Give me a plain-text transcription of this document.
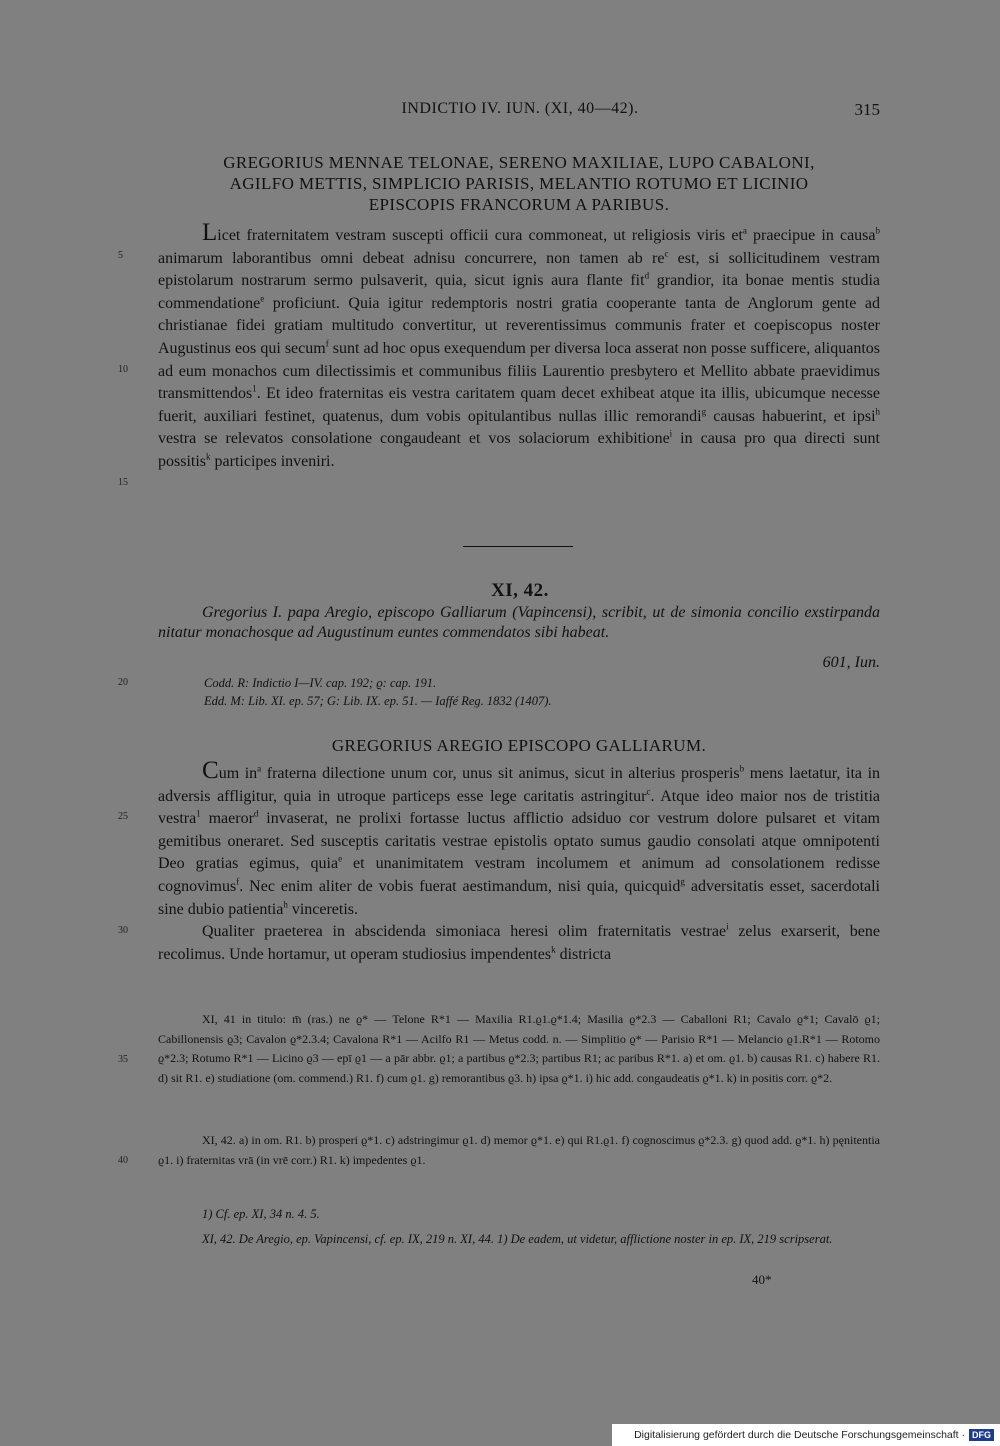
INDICTIO IV. IUN. (XI, 40—42).	315
5
10
15
20
25
30
35
40
GREGORIUS MENNAE TELONAE, SERENO MAXILIAE, LUPO CABALONI,
AGILFO METTIS, SIMPLICIO PARISIS, MELANTIO ROTUMO ET LICINIO
EPISCOPIS FRANCORUM A PARIBUS.

Licet fraternitatem vestram suscepti officii cura commoneat, ut religiosis viris $et^a$ praecipue in causa$^b$ animarum laborantibus omni debeat adnisu concurrere, non tamen ab $re^c$ est, si sollicitudinem vestram epistolarum nostrarum sermo pulsaverit, quia, sicut ignis aura flante fit$^d$ grandior, ita bonae mentis studia commendatione$^e$ proficiunt. Quia igitur redemptoris nostri gratia cooperante tanta de Anglorum gente ad christianae fidei gratiam multitudo convertitur, ut reverentissimus communis frater et coepiscopus noster Augustinus eos qui secum$^f$ sunt ad hoc opus exequendum per diversa loca asserat non posse sufficere, aliquantos ad eum monachos cum dilectissimis et communibus filiis Laurentio presbytero et Mellito abbate praevidimus transmittendos$^1$. Et ideo fraternitas eis vestra caritatem quam decet exhibeat atque ita illis, ubicumque necesse fuerit, auxiliari festinet, quatenus, dum vobis opitulantibus nullas illic remorandi$^g$ causas habuerint, et ipsi$^h$ vestra se relevatos consolatione congaudeant et vos solaciorum exhibitione$^i$ in causa pro qua directi sunt possitis$^k$ participes inveniri.

XI, 42.

Gregorius I. papa Aregio, episcopo Galliarum (Vapincensi), scribit, ut de simonia concilio exstirpanda nitatur monachosque ad Augustinum euntes commendatos sibi habeat.

601, Iun.
Codd. R: Indictio I—IV. cap. 192; ϱ: cap. 191.
Edd. M: Lib. XI. ep. 57; G: Lib. IX. ep. 51. — Iaffé Reg. 1832 (1407).
GREGORIUS AREGIO EPISCOPO GALLIARUM.

Cum $in^a$ fraterna dilectione unum cor, unus sit animus, sicut in alterius prosperis$^b$ mens laetatur, ita in adversis affligitur, quia in utroque particeps esse lege caritatis astringitur$^c$. Atque ideo maior nos de tristitia vestra$^1$ maeror$^d$ invaserat, ne prolixi fortasse luctus afflictio adsiduo cor vestrum dolore pulsaret et vitam gemitibus oneraret. Sed susceptis caritatis vestrae epistolis optato sumus gaudio consolati atque omnipotenti Deo gratias egimus, quia$^e$ et unanimitatem vestram incolumem et animum ad consolationem redisse cognovimus$^f$. Nec enim aliter de vobis fuerat aestimandum, nisi quia, quicquid$^g$ adversitatis esset, sacerdotali sine dubio patientia$^h$ vinceretis.

Qualiter praeterea in abscidenda simoniaca heresi olim fraternitatis vestrae$^i$ zelus exarserit, bene recolimus. Unde hortamur, ut operam studiosius impendentes$^k$ districta

XI, 41 in titulo: m̄ (ras.) ne ϱ* — Telone R*1 — Maxilia R1.ϱ1.ϱ*1.4; Masilia ϱ*2.3 — Caballoni R1; Cavalo ϱ*1; Cavalō ϱ1; Cabillonensis ϱ3; Cavalon ϱ*2.3.4; Cavalona R*1 — Acilfo R1 — Metus codd. n. — Simplitio ϱ* — Parisio R*1 — Melancio ϱ1.R*1 — Rotomo ϱ*2.3; Rotumo R*1 — Licino ϱ3 — epī ϱ1 — a pār abbr. ϱ1; a partibus ϱ*2.3; partibus R1; ac paribus R*1. a) et om. ϱ1. b) causas R1. c) habere R1. d) sit R1. e) studiatione (om. commend.) R1. f) cum ϱ1. g) remorantibus ϱ3. h) ipsa ϱ*1. i) hic add. congaudeatis ϱ*1. k) in positis corr. ϱ*2.

XI, 42. a) in om. R1. b) prosperi ϱ*1. c) adstringimur ϱ1. d) memor ϱ*1. e) qui R1.ϱ1. f) cognoscimus ϱ*2.3. g) quod add. ϱ*1. h) pęnitentia ϱ1. i) fraternitas vrā (in vrē corr.) R1. k) impedentes ϱ1.

1) Cf. ep. XI, 34 n. 4. 5.

XI, 42. De Aregio, ep. Vapincensi, cf. ep. IX, 219 n. XI, 44. 1) De eadem, ut videtur, afflictione noster in ep. IX, 219 scripserat.

40*
Digitalisierung gefördert durch die Deutsche Forschungsgemeinschaft · DFG
